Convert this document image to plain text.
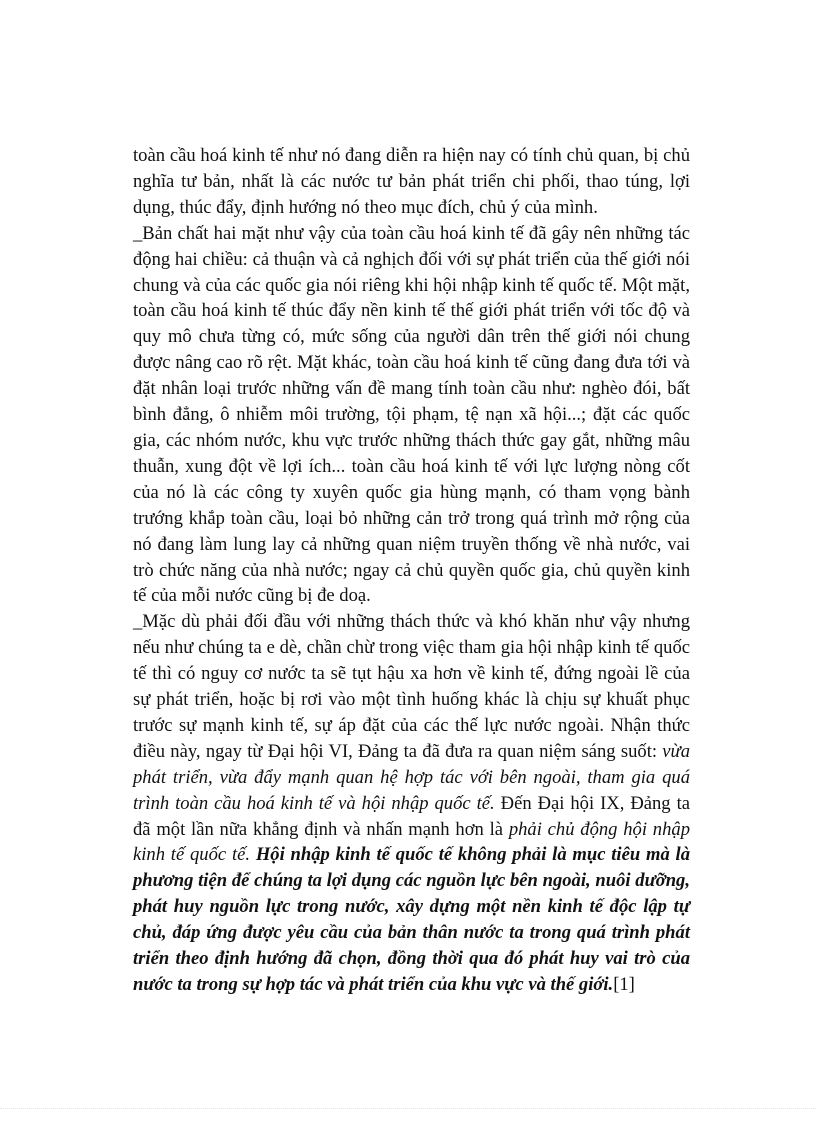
toàn cầu hoá kinh tế như nó đang diễn ra hiện nay có tính chủ quan, bị chủ nghĩa tư bản, nhất là các nước tư bản phát triển chi phối, thao túng, lợi dụng, thúc đẩy, định hướng nó theo mục đích, chủ ý của mình.

_Bản chất hai mặt như vậy của toàn cầu hoá kinh tế đã gây nên những tác động hai chiều: cả thuận và cả nghịch đối với sự phát triển của thế giới nói chung và của các quốc gia nói riêng khi hội nhập kinh tế quốc tế. Một mặt, toàn cầu hoá kinh tế thúc đẩy nền kinh tế thế giới phát triển với tốc độ và quy mô chưa từng có, mức sống của người dân trên thế giới nói chung được nâng cao rõ rệt. Mặt khác, toàn cầu hoá kinh tế cũng đang đưa tới và đặt nhân loại trước những vấn đề mang tính toàn cầu như: nghèo đói, bất bình đẳng, ô nhiễm môi trường, tội phạm, tệ nạn xã hội...; đặt các quốc gia, các nhóm nước, khu vực trước những thách thức gay gắt, những mâu thuẫn, xung đột về lợi ích... toàn cầu hoá kinh tế với lực lượng nòng cốt của nó là các công ty xuyên quốc gia hùng mạnh, có tham vọng bành trướng khắp toàn cầu, loại bỏ những cản trở trong quá trình mở rộng của nó đang làm lung lay cả những quan niệm truyền thống về nhà nước, vai trò chức năng của nhà nước; ngay cả chủ quyền quốc gia, chủ quyền kinh tế của mỗi nước cũng bị đe doạ.

_Mặc dù phải đối đầu với những thách thức và khó khăn như vậy nhưng nếu như chúng ta e dè, chần chừ trong việc tham gia hội nhập kinh tế quốc tế thì có nguy cơ nước ta sẽ tụt hậu xa hơn về kinh tế, đứng ngoài lề của sự phát triển, hoặc bị rơi vào một tình huống khác là chịu sự khuất phục trước sự mạnh kinh tế, sự áp đặt của các thế lực nước ngoài. Nhận thức điều này, ngay từ Đại hội VI, Đảng ta đã đưa ra quan niệm sáng suốt: vừa phát triển, vừa đẩy mạnh quan hệ hợp tác với bên ngoài, tham gia quá trình toàn cầu hoá kinh tế và hội nhập quốc tế. Đến Đại hội IX, Đảng ta đã một lần nữa khẳng định và nhấn mạnh hơn là phải chủ động hội nhập kinh tế quốc tế. Hội nhập kinh tế quốc tế không phải là mục tiêu mà là phương tiện để chúng ta lợi dụng các nguồn lực bên ngoài, nuôi dưỡng, phát huy nguồn lực trong nước, xây dựng một nền kinh tế độc lập tự chủ, đáp ứng được yêu cầu của bản thân nước ta trong quá trình phát triển theo định hướng đã chọn, đồng thời qua đó phát huy vai trò của nước ta trong sự hợp tác và phát triển của khu vực và thế giới.[1]
